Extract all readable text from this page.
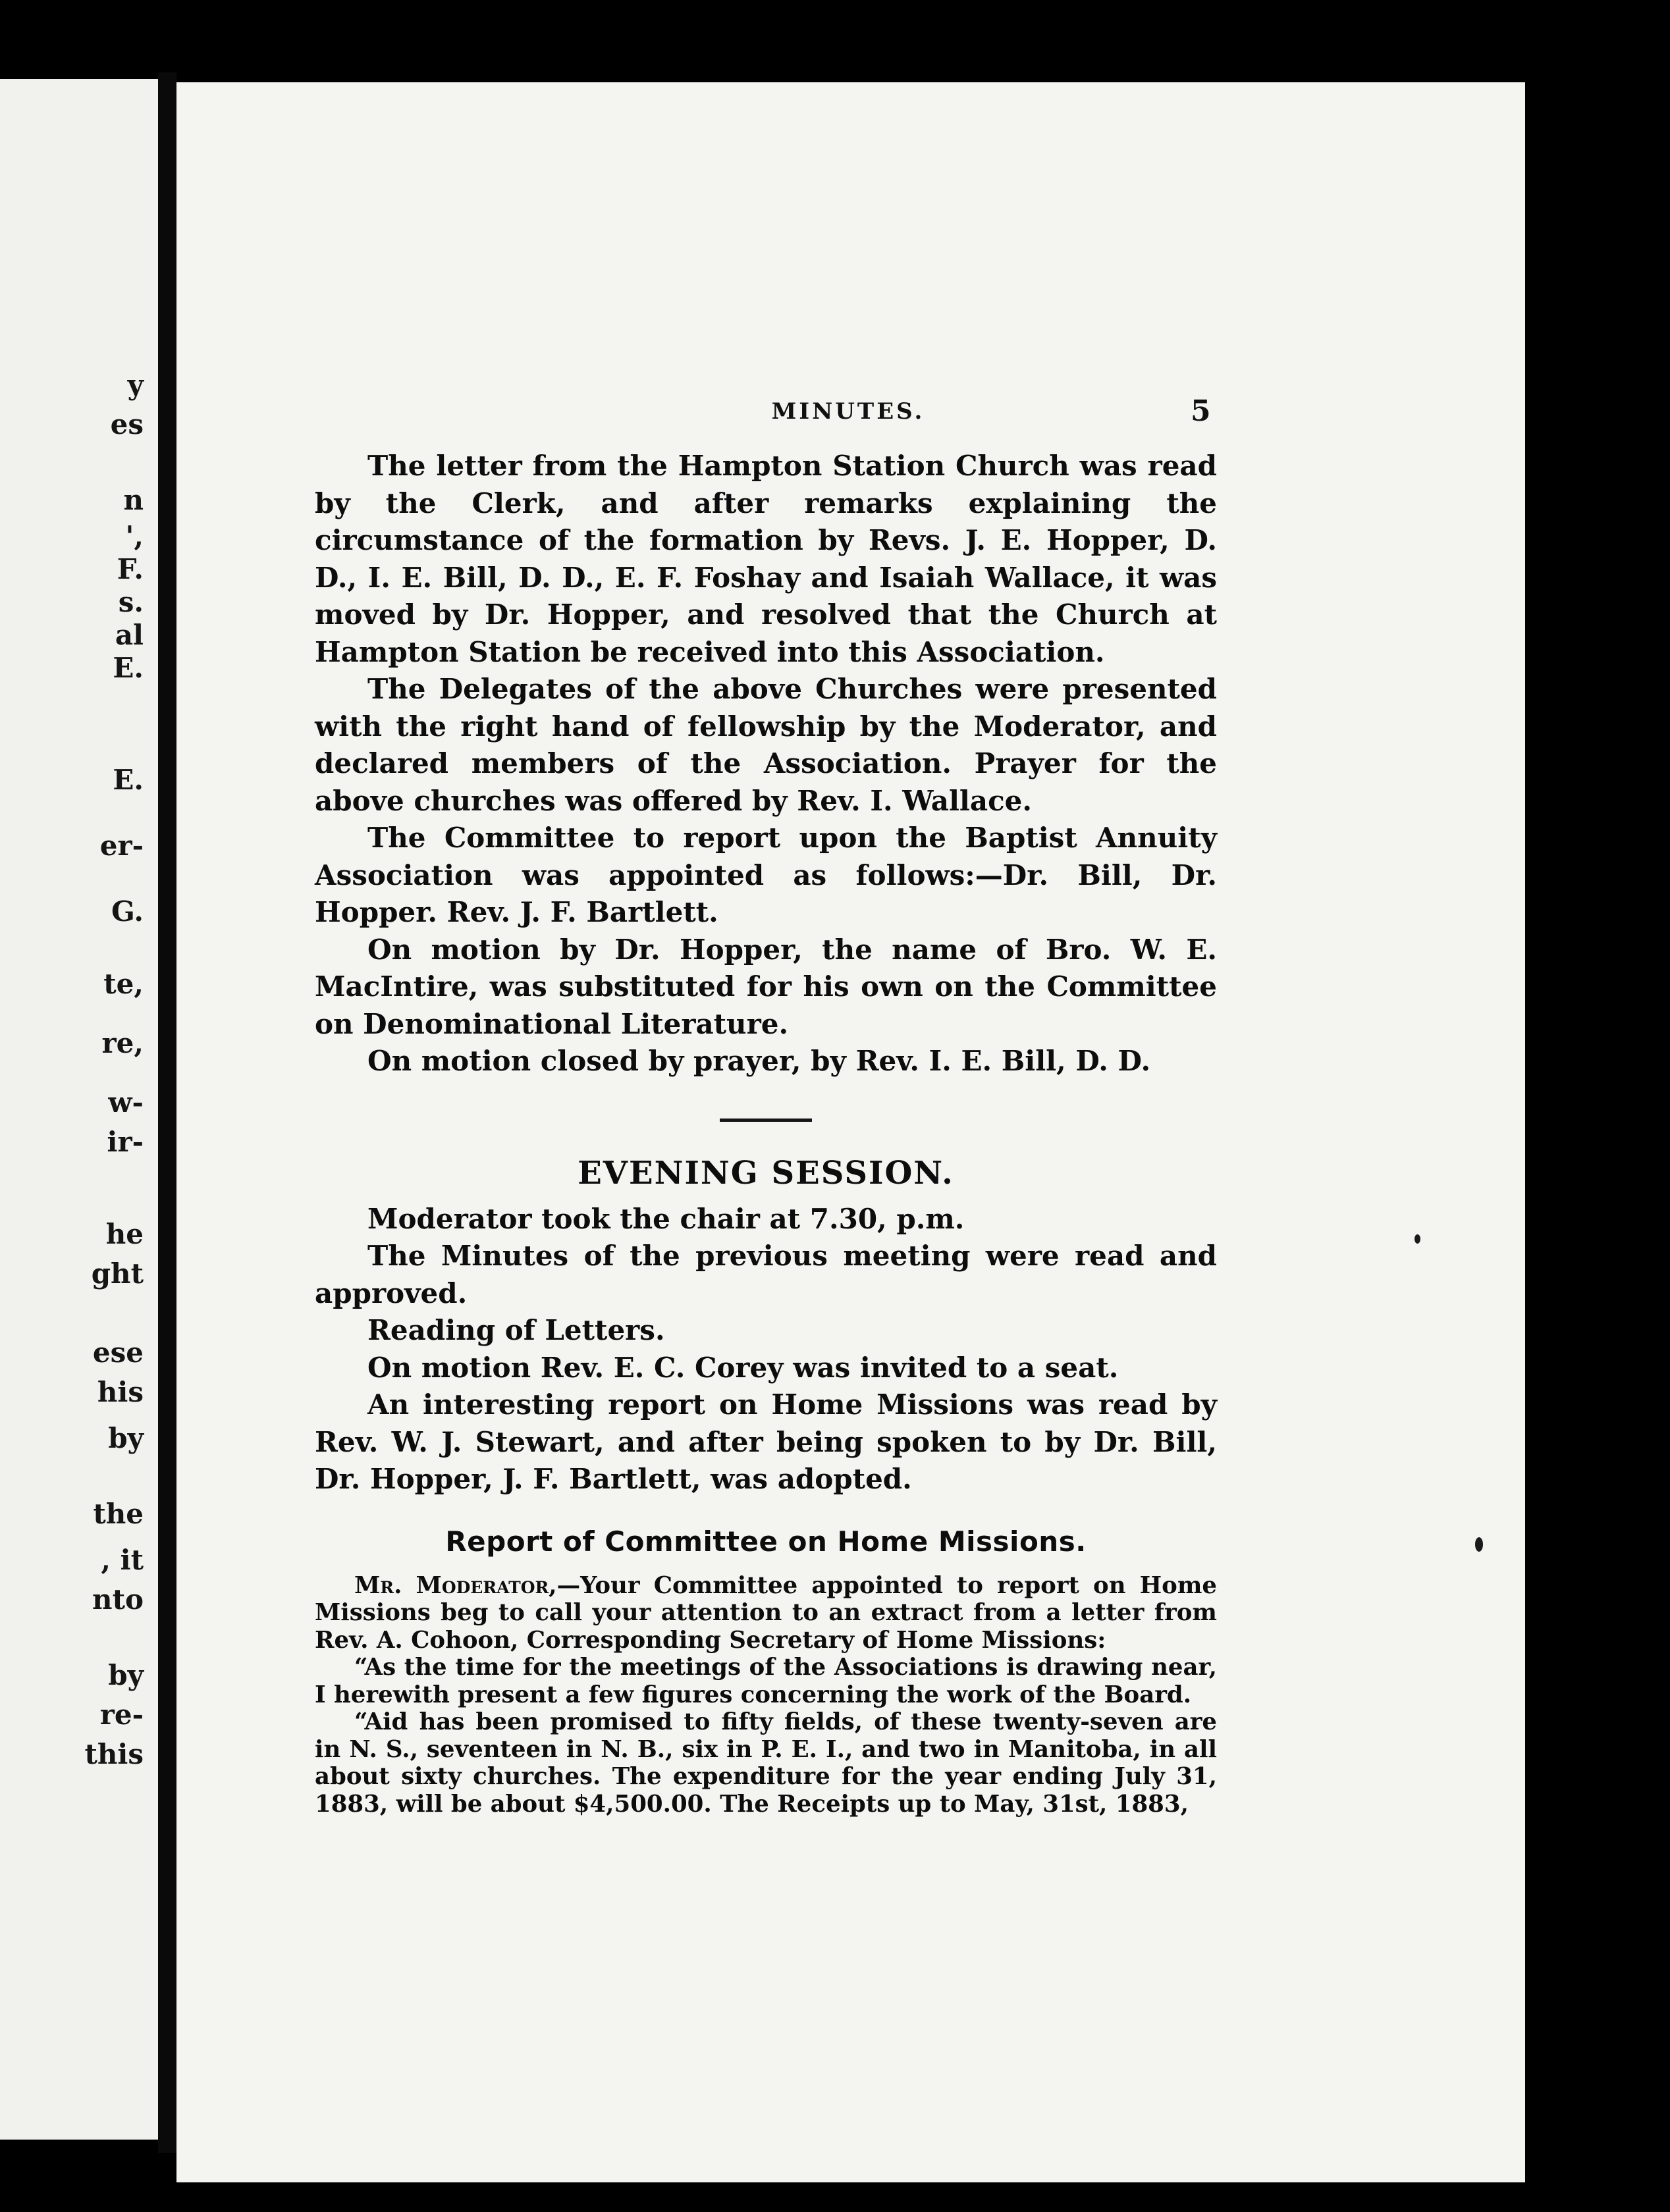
y
es
n
',
F.
s.
al
E.
E.
er-
G.
te,
re,
w-
ir-
he
ght
ese
his
by
the
, it
nto
by
re-
this
MINUTES.	5

The letter from the Hampton Station Church was read by the Clerk, and after remarks explaining the circumstance of the formation by Revs. J. E. Hopper, D. D., I. E. Bill, D. D., E. F. Foshay and Isaiah Wallace, it was moved by Dr. Hopper, and resolved that the Church at Hampton Station be received into this Association.

The Delegates of the above Churches were presented with the right hand of fellowship by the Moderator, and declared members of the Association. Prayer for the above churches was offered by Rev. I. Wallace.

The Committee to report upon the Baptist Annuity Association was appointed as follows:—Dr. Bill, Dr. Hopper. Rev. J. F. Bartlett.

On motion by Dr. Hopper, the name of Bro. W. E. MacIntire, was substituted for his own on the Committee on Denominational Literature.

On motion closed by prayer, by Rev. I. E. Bill, D. D.

EVENING SESSION.

Moderator took the chair at 7.30, p.m.

The Minutes of the previous meeting were read and approved.

Reading of Letters.

On motion Rev. E. C. Corey was invited to a seat.

An interesting report on Home Missions was read by Rev. W. J. Stewart, and after being spoken to by Dr. Bill, Dr. Hopper, J. F. Bartlett, was adopted.

Report of Committee on Home Missions.

Mr. Moderator,—Your Committee appointed to report on Home Missions beg to call your attention to an extract from a letter from Rev. A. Cohoon, Corresponding Secretary of Home Missions:

“As the time for the meetings of the Associations is drawing near, I herewith present a few figures concerning the work of the Board.

“Aid has been promised to fifty fields, of these twenty-seven are in N. S., seventeen in N. B., six in P. E. I., and two in Manitoba, in all about sixty churches. The expenditure for the year ending July 31, 1883, will be about $4,500.00. The Receipts up to May, 31st, 1883,
